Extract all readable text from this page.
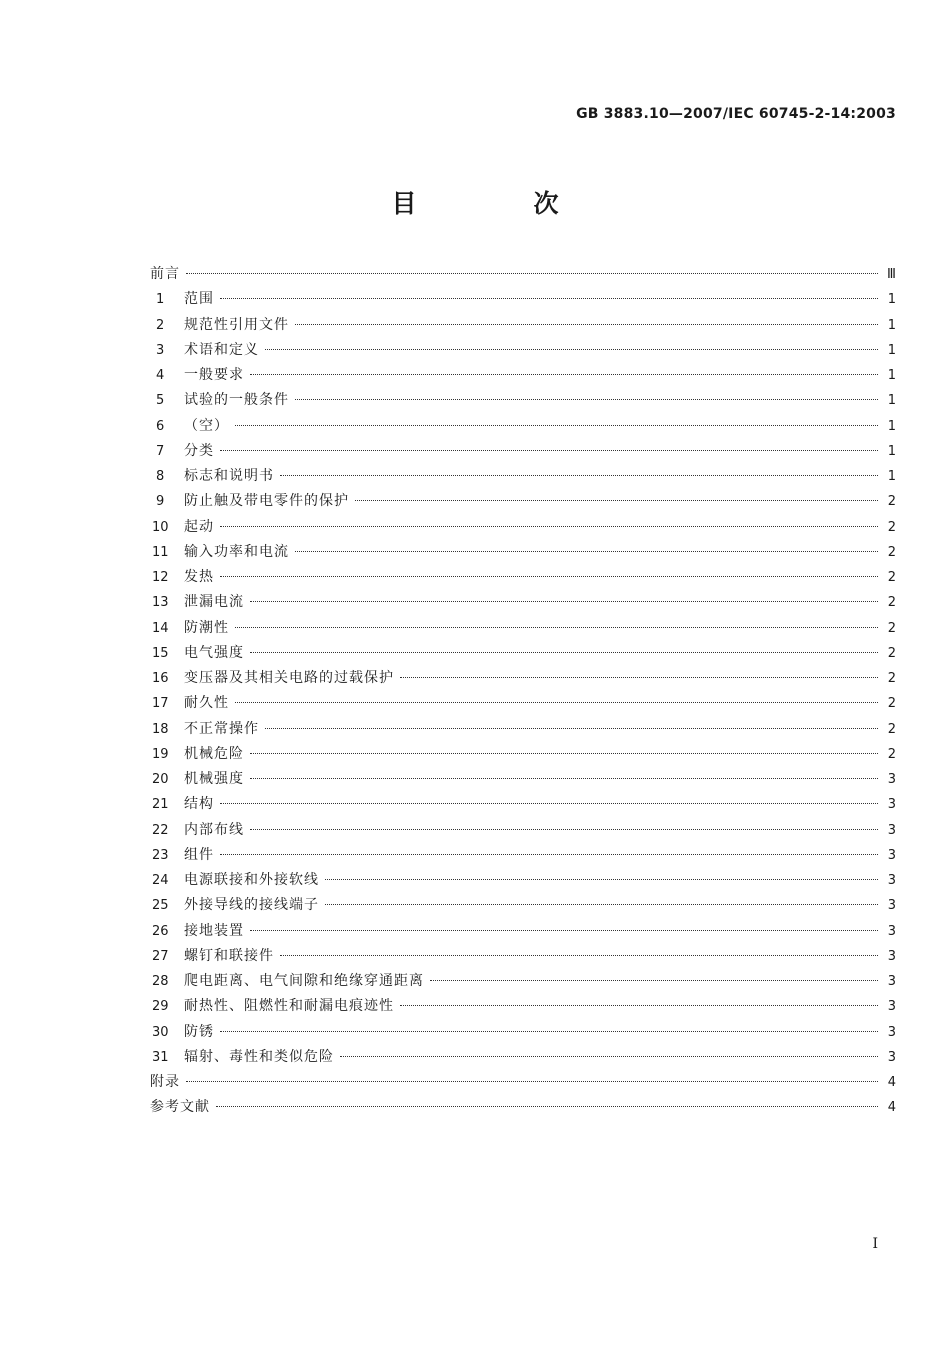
GB 3883.10—2007/IEC 60745-2-14:2003
目　次
前言	Ⅲ
1	范围	1
2	规范性引用文件	1
3	术语和定义	1
4	一般要求	1
5	试验的一般条件	1
6	（空）	1
7	分类	1
8	标志和说明书	1
9	防止触及带电零件的保护	2
10	起动	2
11	输入功率和电流	2
12	发热	2
13	泄漏电流	2
14	防潮性	2
15	电气强度	2
16	变压器及其相关电路的过载保护	2
17	耐久性	2
18	不正常操作	2
19	机械危险	2
20	机械强度	3
21	结构	3
22	内部布线	3
23	组件	3
24	电源联接和外接软线	3
25	外接导线的接线端子	3
26	接地装置	3
27	螺钉和联接件	3
28	爬电距离、电气间隙和绝缘穿通距离	3
29	耐热性、阻燃性和耐漏电痕迹性	3
30	防锈	3
31	辐射、毒性和类似危险	3
附录	4
参考文献	4
I
